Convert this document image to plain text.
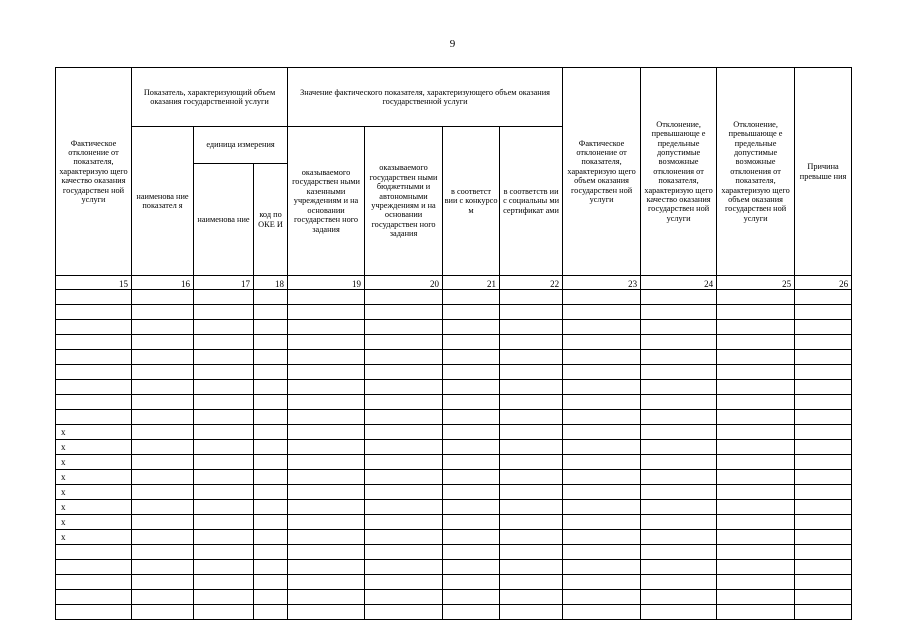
9
Фактическое отклонение от показателя, характеризую щего качество оказания государствен ной услуги	Показатель, характеризующий объем оказания государственной услуги			Значение фактического показателя, характеризующего объем оказания государственной услуги				Фактическое отклонение от показателя, характеризую щего объем оказания государствен ной услуги	Отклонение, превышающе е предельные допустимые возможные отклонения от показателя, характеризую щего качество оказания государствен ной услуги	Отклонение, превышающе е предельные допустимые возможные отклонения от показателя, характеризую щего объем оказания государствен ной услуги	Причина превыше ния
	наименова ние показател я	единица измерения		оказываемого государствен ными казенными учреждениям и на основании государствен ного задания	оказываемого государствен ными бюджетными и автономными учреждениям и на основании государствен ного задания	в соответст вии с конкурсо м	в соответств ии с социальны ми сертификат ами				
		наименова ние	код по ОКЕ И								
15	16	17	18	19	20	21	22	23	24	25	26

x											
x											
x											
x											
x											
x											
x											
x											
